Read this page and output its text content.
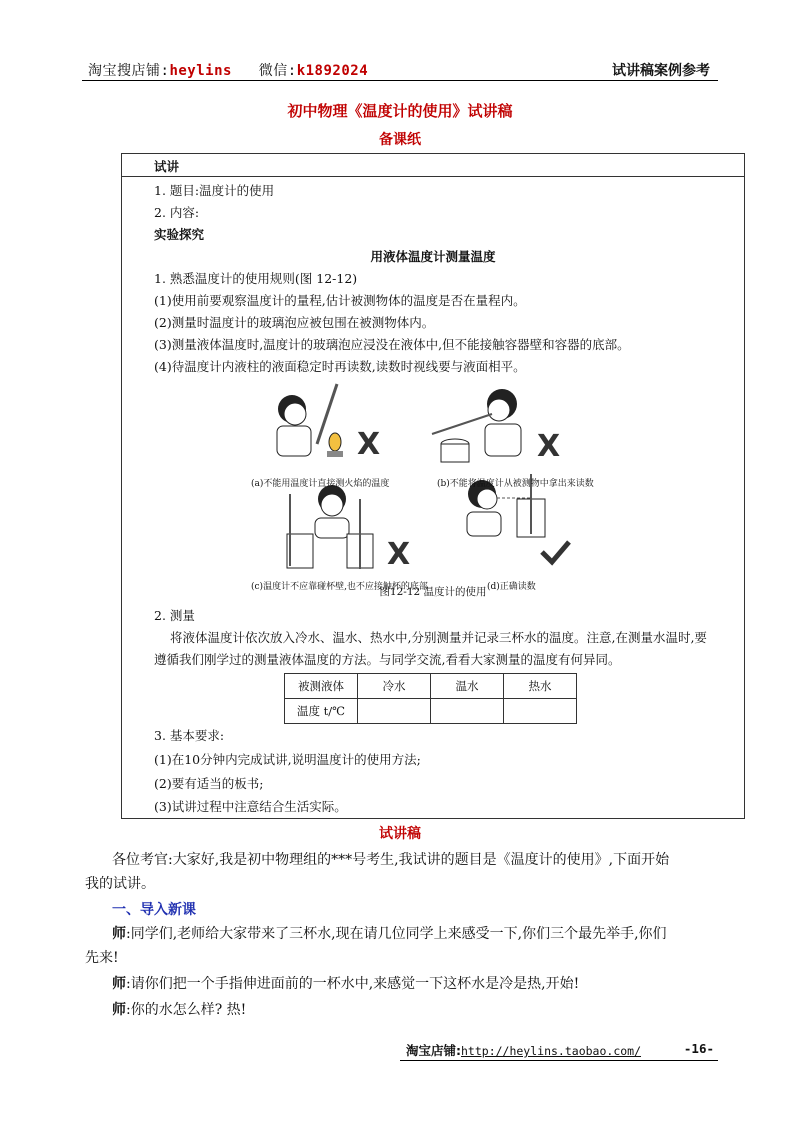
淘宝搜店铺:heylins 微信:k1892024	试讲稿案例参考
初中物理《温度计的使用》试讲稿
备课纸
试讲
1. 题目:温度计的使用
2. 内容:
实验探究
用液体温度计测量温度
1. 熟悉温度计的使用规则(图 12-12)
(1)使用前要观察温度计的量程,估计被测物体的温度是否在量程内。
(2)测量时温度计的玻璃泡应被包围在被测物体内。
(3)测量液体温度时,温度计的玻璃泡应浸没在液体中,但不能接触容器壁和容器的底部。
(4)待温度计内液柱的液面稳定时再读数,读数时视线要与液面相平。
X	X
X
(a)不能用温度计直接测火焰的温度	(b)不能将温度计从被测物中拿出来读数
(c)温度计不应靠碰杯壁,也不应接触杯的底部	(d)正确读数
图12-12 温度计的使用
2. 测量
将液体温度计依次放入冷水、温水、热水中,分别测量并记录三杯水的温度。注意,在测量水温时,要
遵循我们刚学过的测量液体温度的方法。与同学交流,看看大家测量的温度有何异同。
被测液体	冷水	温水	热水
温度 t/℃			
3. 基本要求:
(1)在10分钟内完成试讲,说明温度计的使用方法;
(2)要有适当的板书;
(3)试讲过程中注意结合生活实际。
试讲稿
各位考官:大家好,我是初中物理组的***号考生,我试讲的题目是《温度计的使用》,下面开始
我的试讲。
一、导入新课
师:同学们,老师给大家带来了三杯水,现在请几位同学上来感受一下,你们三个最先举手,你们
先来!
师:请你们把一个手指伸进面前的一杯水中,来感觉一下这杯水是冷是热,开始!
师:你的水怎么样? 热!
淘宝店铺:http://heylins.taobao.com/	-16-
